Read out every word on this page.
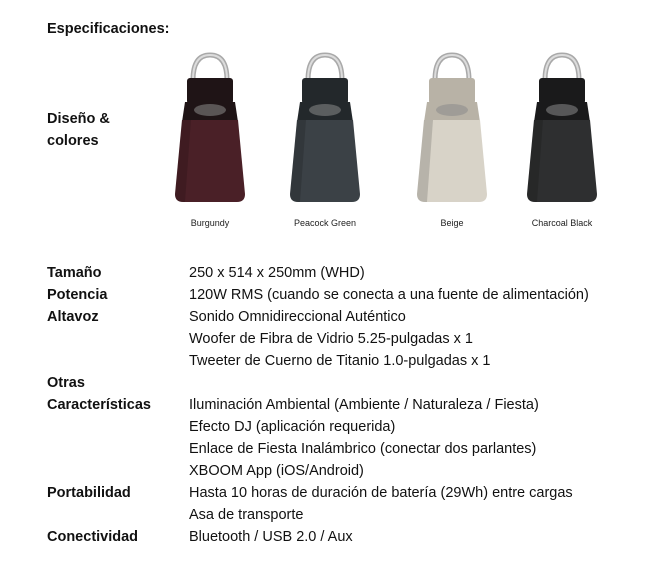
Especificaciones:
Diseño &
colores
Burgundy	Peacock Green	Beige	Charcoal Black
Tamaño	250 x 514 x 250mm (WHD)
Potencia	120W RMS (cuando se conecta a una fuente de alimentación)
Altavoz	Sonido Omnidireccional Auténtico
Woofer de Fibra de Vidrio 5.25-pulgadas x 1
Tweeter de Cuerno de Titanio 1.0-pulgadas x 1
Otras
Características	Iluminación Ambiental (Ambiente / Naturaleza / Fiesta)
Efecto DJ (aplicación requerida)
Enlace de Fiesta Inalámbrico (conectar dos parlantes)
XBOOM App (iOS/Android)
Portabilidad	Hasta 10 horas de duración de batería (29Wh) entre cargas
Asa de transporte
Conectividad	Bluetooth / USB 2.0 / Aux
